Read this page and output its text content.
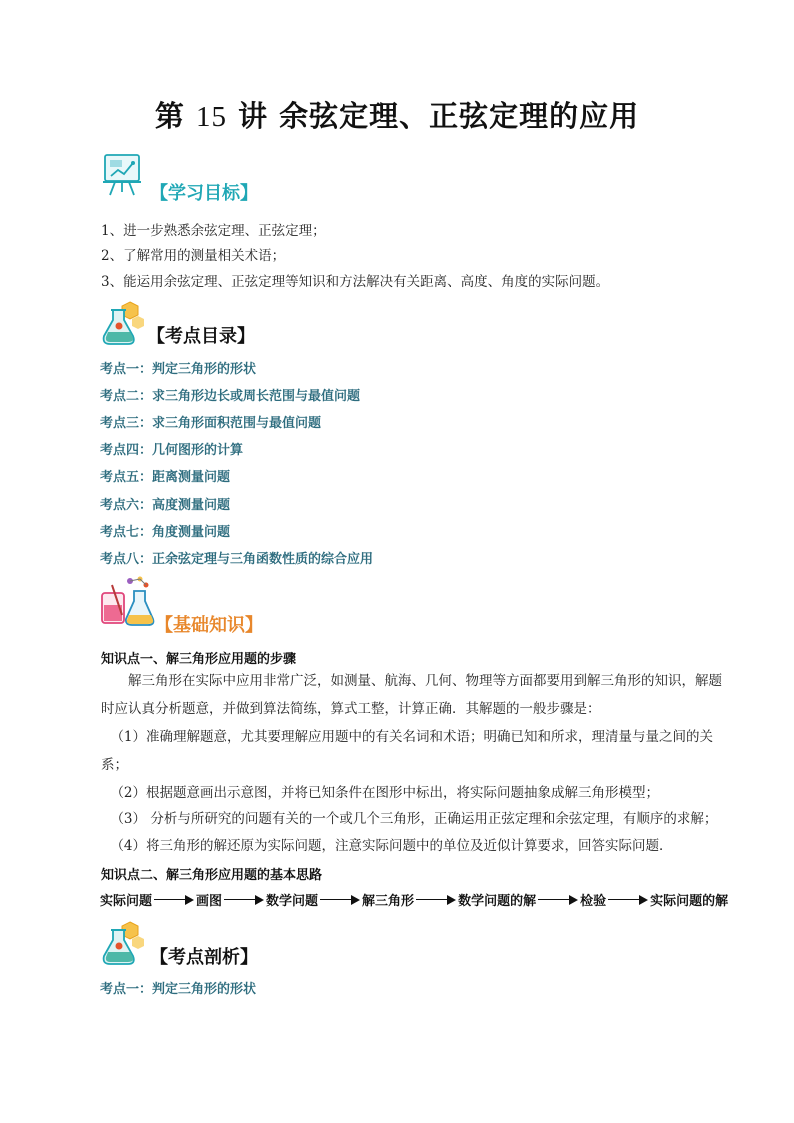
第 15 讲 余弦定理、正弦定理的应用
【学习目标】
1、进一步熟悉余弦定理、正弦定理；
2、了解常用的测量相关术语；
3、能运用余弦定理、正弦定理等知识和方法解决有关距离、高度、角度的实际问题。
【考点目录】
考点一：判定三角形的形状
考点二：求三角形边长或周长范围与最值问题
考点三：求三角形面积范围与最值问题
考点四：几何图形的计算
考点五：距离测量问题
考点六：高度测量问题
考点七：角度测量问题
考点八：正余弦定理与三角函数性质的综合应用
【基础知识】
知识点一、解三角形应用题的步骤
解三角形在实际中应用非常广泛，如测量、航海、几何、物理等方面都要用到解三角形的知识，解题时应认真分析题意，并做到算法简练，算式工整，计算正确．其解题的一般步骤是：
（1）准确理解题意，尤其要理解应用题中的有关名词和术语；明确已知和所求，理清量与量之间的关系；
（2）根据题意画出示意图，并将已知条件在图形中标出，将实际问题抽象成解三角形模型；
（3） 分析与所研究的问题有关的一个或几个三角形，正确运用正弦定理和余弦定理，有顺序的求解；
（4）将三角形的解还原为实际问题，注意实际问题中的单位及近似计算要求，回答实际问题．
知识点二、解三角形应用题的基本思路
实际问题	画图	数学问题	解三角形	数学问题的解	检验	实际问题的解
【考点剖析】
考点一：判定三角形的形状
